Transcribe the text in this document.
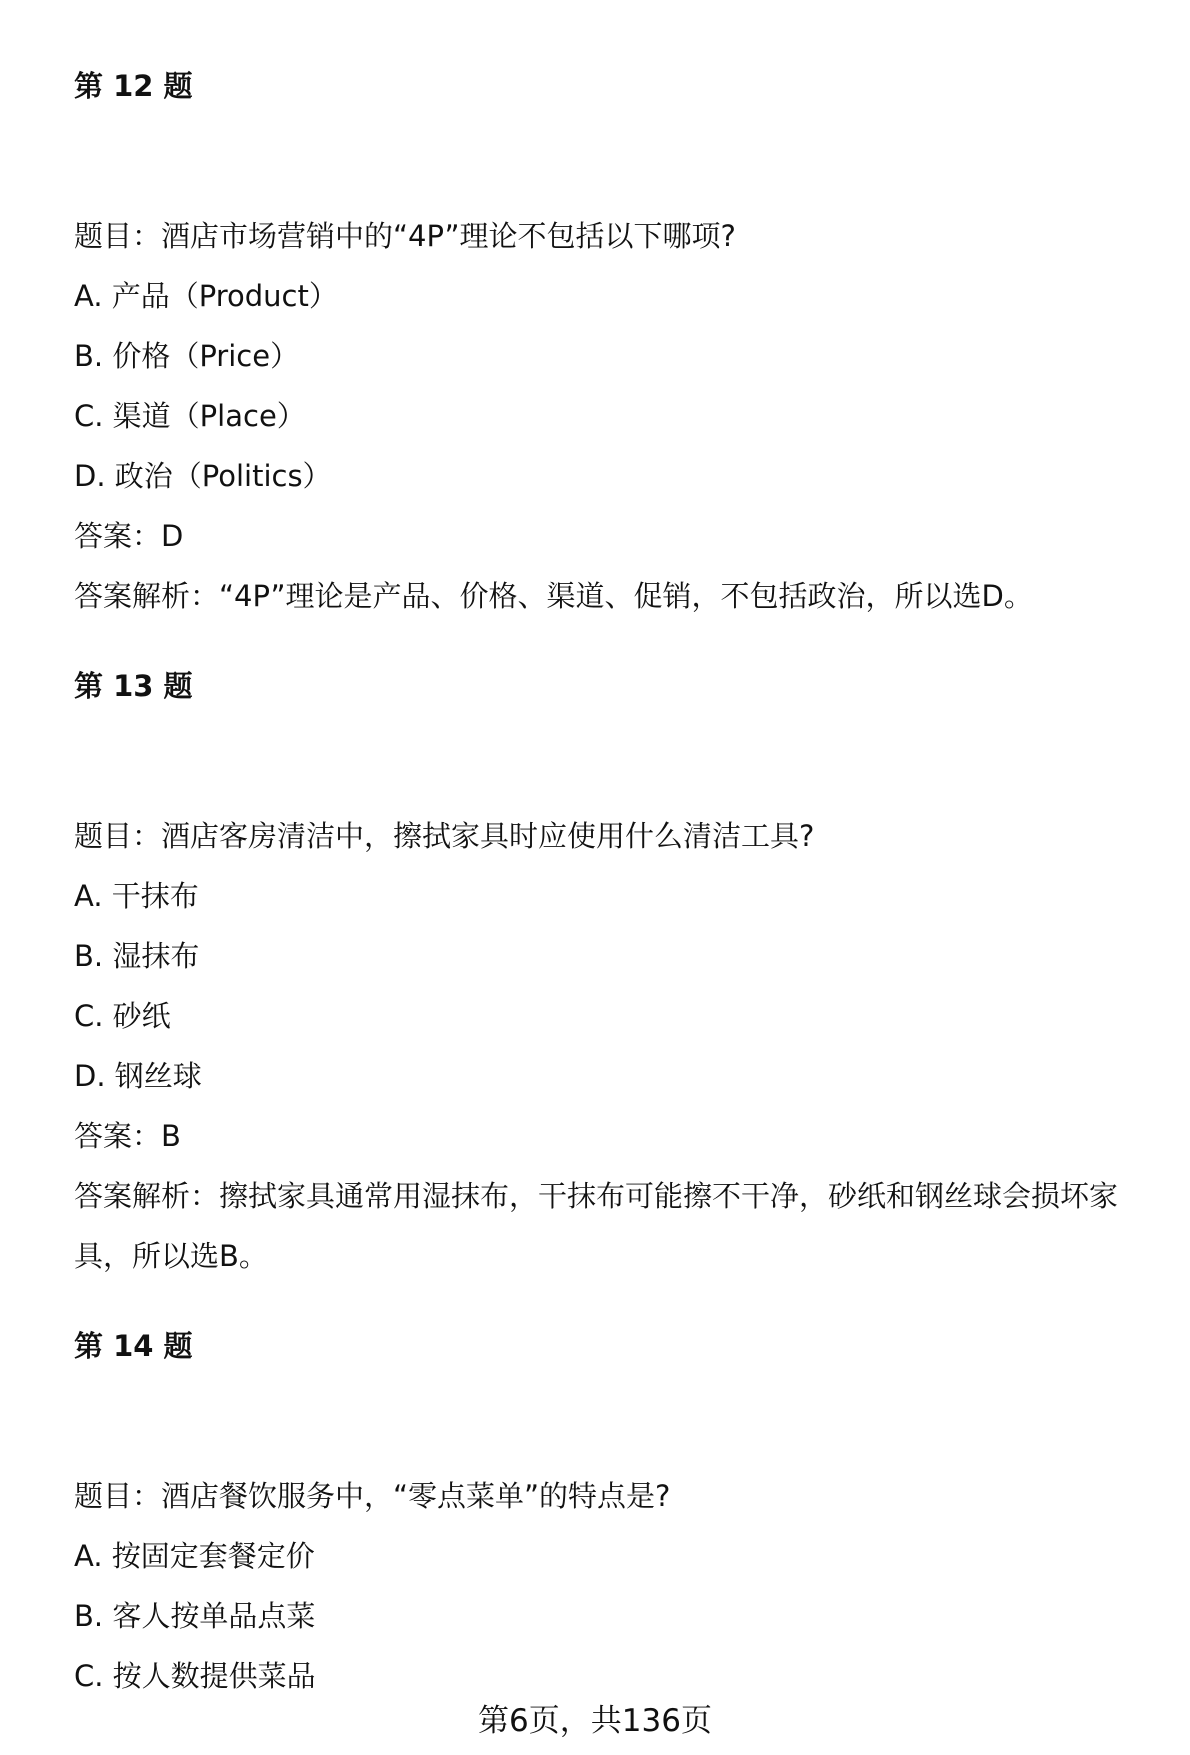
第 12 题
题目：酒店市场营销中的“4P”理论不包括以下哪项?
A. 产品（Product）
B. 价格（Price）
C. 渠道（Place）
D. 政治（Politics）
答案：D
答案解析：“4P”理论是产品、价格、渠道、促销，不包括政治，所以选D。
第 13 题
题目：酒店客房清洁中，擦拭家具时应使用什么清洁工具?
A. 干抹布
B. 湿抹布
C. 砂纸
D. 钢丝球
答案：B
答案解析：擦拭家具通常用湿抹布，干抹布可能擦不干净，砂纸和钢丝球会损坏家具，所以选B。
第 14 题
题目：酒店餐饮服务中，“零点菜单”的特点是?
A. 按固定套餐定价
B. 客人按单品点菜
C. 按人数提供菜品
第6页，共136页
